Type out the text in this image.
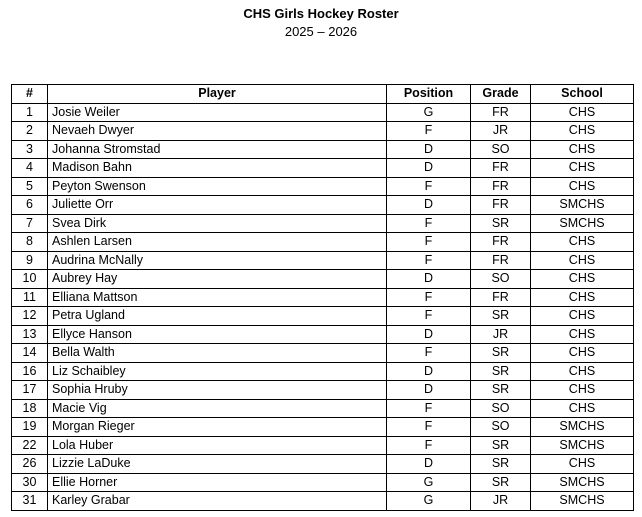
CHS Girls Hockey Roster
2025 – 2026
#	Player	Position	Grade	School
1	Josie Weiler	G	FR	CHS
2	Nevaeh Dwyer	F	JR	CHS
3	Johanna Stromstad	D	SO	CHS
4	Madison Bahn	D	FR	CHS
5	Peyton Swenson	F	FR	CHS
6	Juliette Orr	D	FR	SMCHS
7	Svea Dirk	F	SR	SMCHS
8	Ashlen Larsen	F	FR	CHS
9	Audrina McNally	F	FR	CHS
10	Aubrey Hay	D	SO	CHS
11	Elliana Mattson	F	FR	CHS
12	Petra Ugland	F	SR	CHS
13	Ellyce Hanson	D	JR	CHS
14	Bella Walth	F	SR	CHS
16	Liz Schaibley	D	SR	CHS
17	Sophia Hruby	D	SR	CHS
18	Macie Vig	F	SO	CHS
19	Morgan Rieger	F	SO	SMCHS
22	Lola Huber	F	SR	SMCHS
26	Lizzie LaDuke	D	SR	CHS
30	Ellie Horner	G	SR	SMCHS
31	Karley Grabar	G	JR	SMCHS
